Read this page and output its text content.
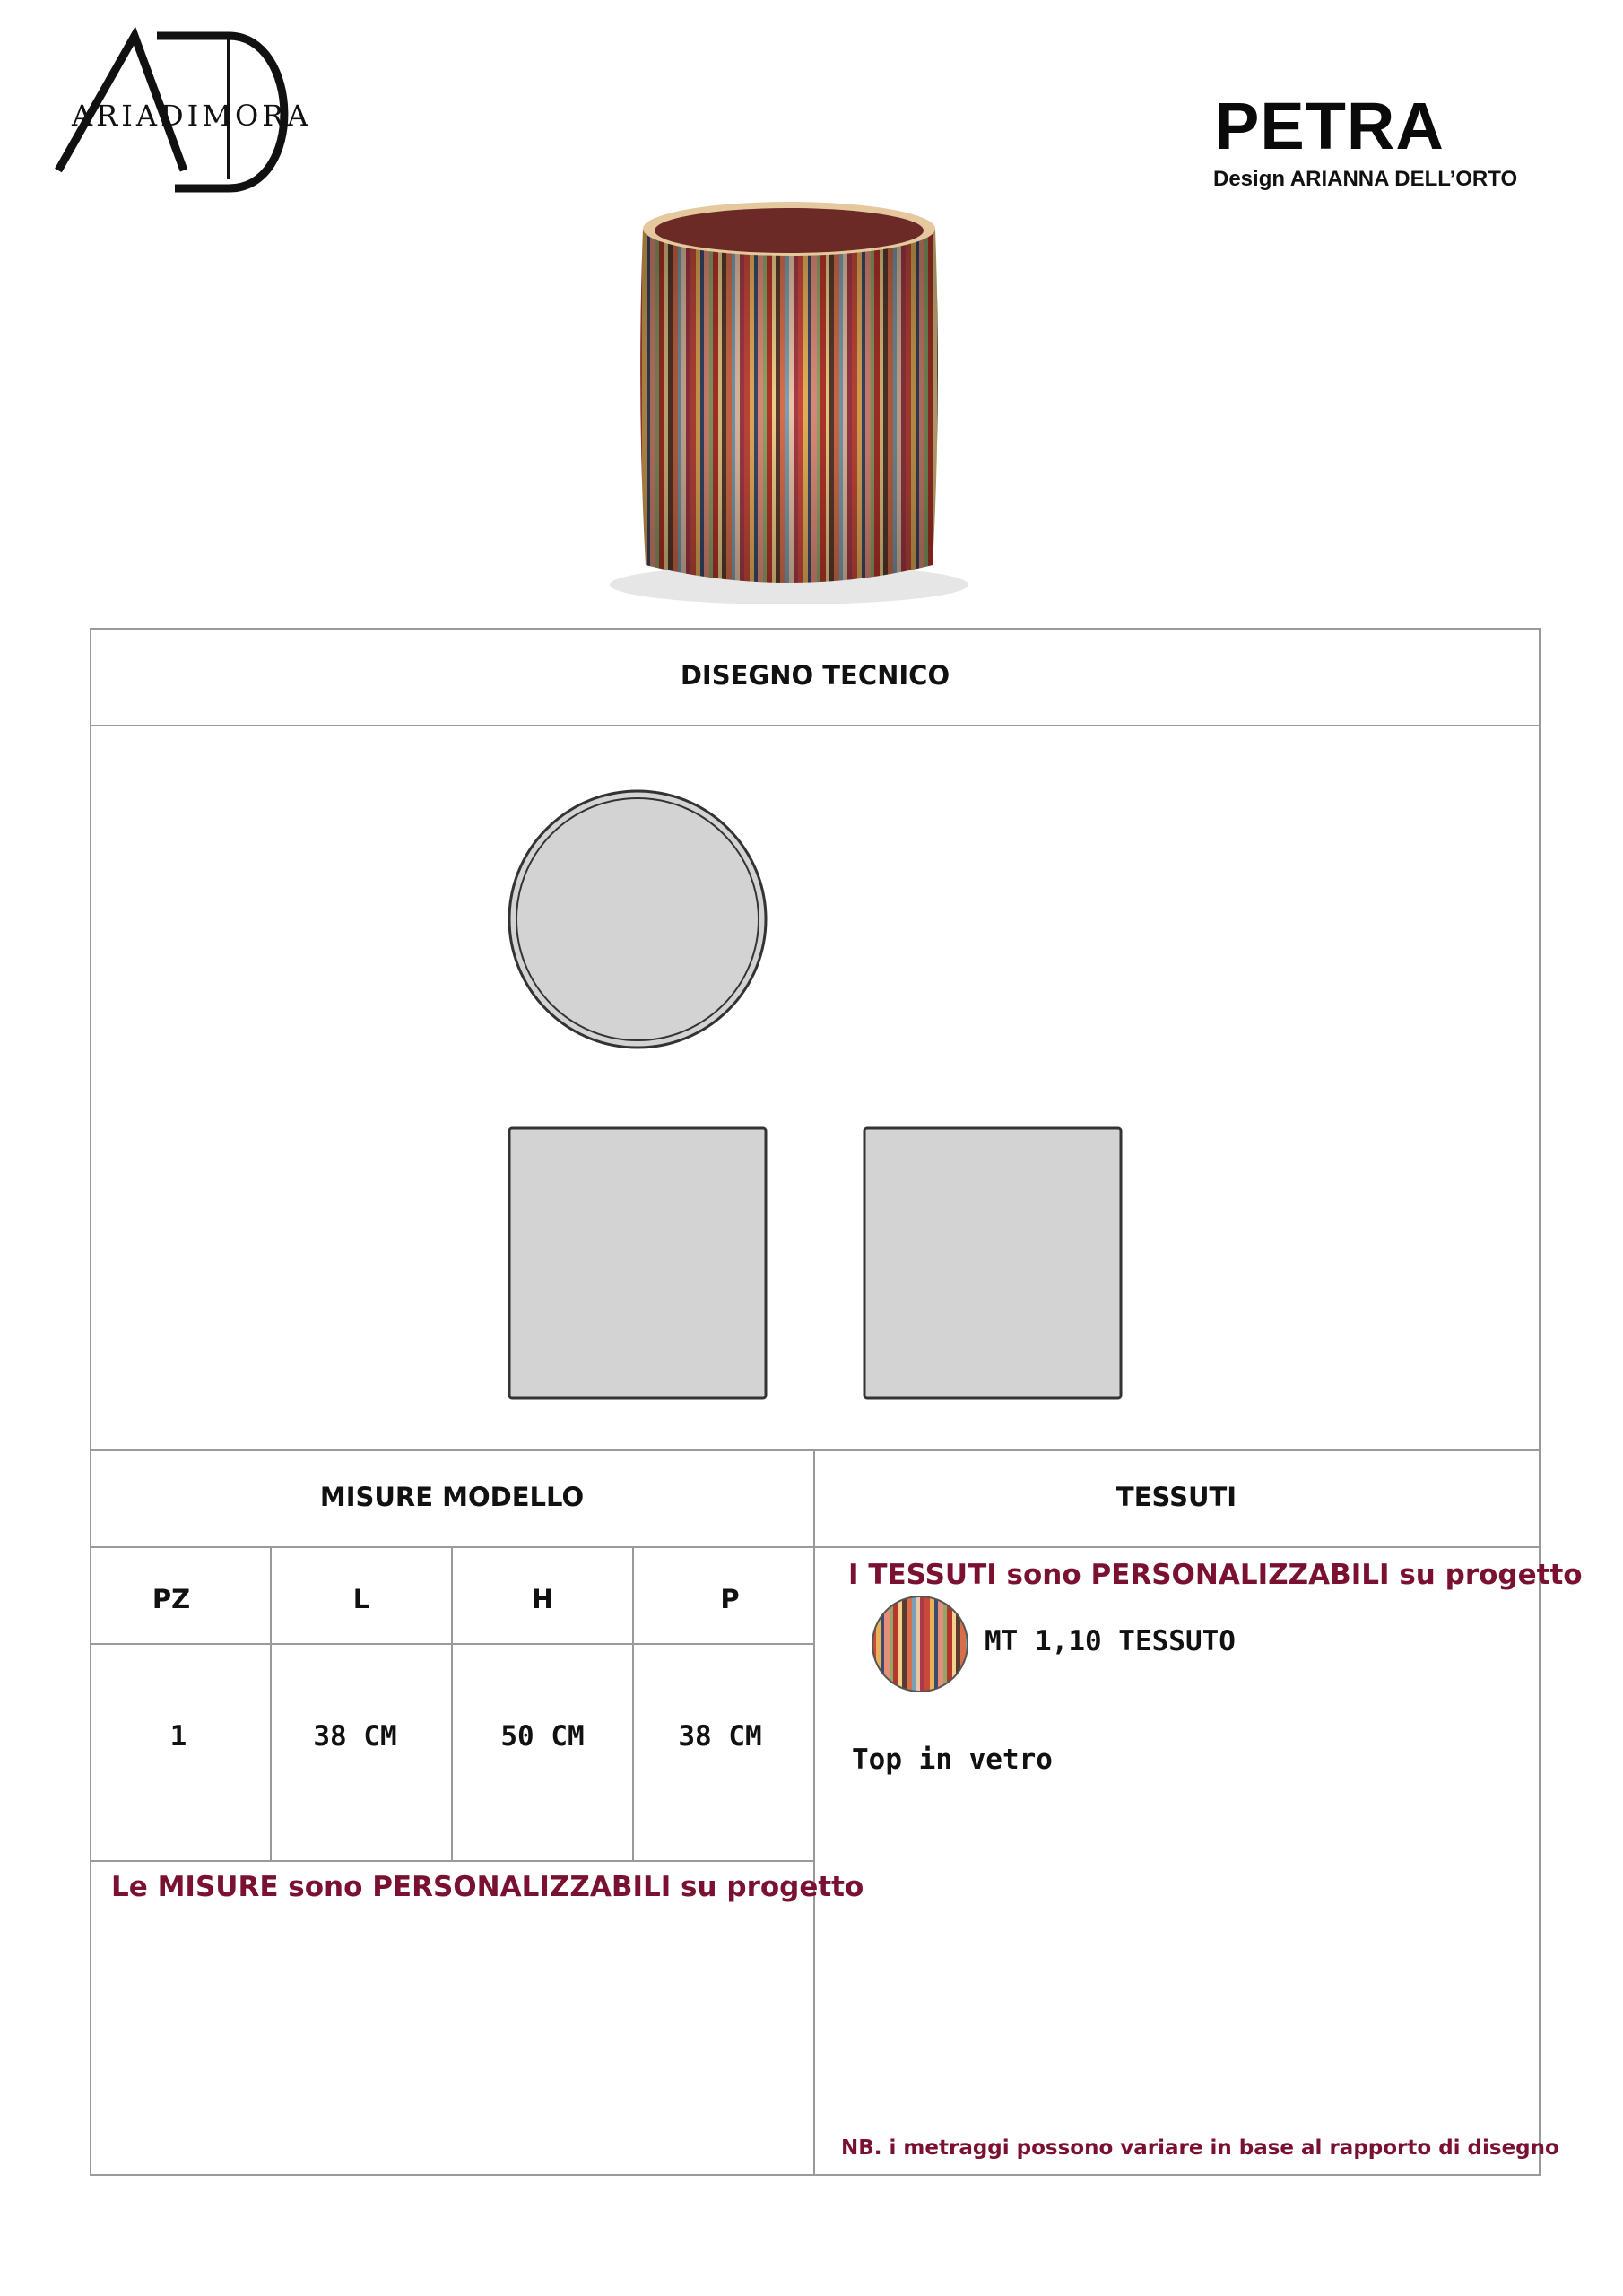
ARIADIMORA	PETRA
Design ARIANNA DELL’ORTO
DISEGNO TECNICO
MISURE MODELLO	TESSUTI
PZ	L	H	P
1	38 CM	50 CM	38 CM
Le MISURE sono PERSONALIZZABILI su progetto
I TESSUTI sono PERSONALIZZABILI su progetto
MT 1,10 TESSUTO
Top in vetro
NB. i metraggi possono variare in base al rapporto di disegno
